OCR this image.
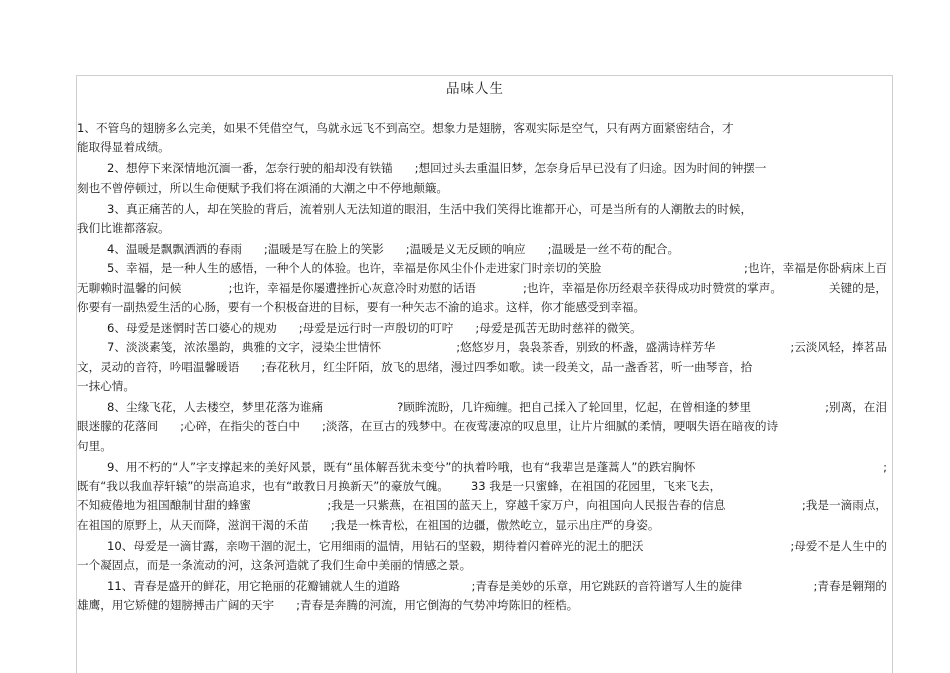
品味人生
1、不管鸟的翅膀多么完美，如果不凭借空气，鸟就永远飞不到高空。想象力是翅膀，客观实际是空气，只有两方面紧密结合，才
能取得显着成绩。
2、想停下来深情地沉湎一番，怎奈行驶的船却没有铁锚 ;想回过头去重温旧梦，怎奈身后早已没有了归途。因为时间的钟摆一
刻也不曾停顿过，所以生命便赋予我们将在澒涌的大潮之中不停地颠簸。
3、真正痛苦的人，却在笑脸的背后，流着别人无法知道的眼泪，生活中我们笑得比谁都开心，可是当所有的人潮散去的时候，
我们比谁都落寂。
4、温暖是飘飘洒洒的春雨 ;温暖是写在脸上的笑影 ;温暖是义无反顾的响应 ;温暖是一丝不苟的配合。
5、幸福，是一种人生的感悟，一种个人的体验。也许，幸福是你风尘仆仆走进家门时亲切的笑脸	;也许，幸福是你卧病床上百
无聊赖时温馨的问候	;也许，幸福是你屡遭挫折心灰意冷时劝慰的话语	;也许，幸福是你历经艰辛获得成功时赞赏的掌声。	关键的是，
你要有一副热爱生活的心肠，要有一个积极奋进的目标，要有一种矢志不渝的追求。这样，你才能感受到幸福。
6、母爱是迷惘时苦口婆心的规劝 ;母爱是远行时一声殷切的叮咛 ;母爱是孤苦无助时慈祥的微笑。
7、淡淡素笺，浓浓墨韵，典雅的文字，浸染尘世情怀	;悠悠岁月，袅袅茶香，别致的杯盏，盛满诗样芳华	;云淡风轻，捧茗品
文，灵动的音符，吟唱温馨暖语 ;春花秋月，红尘阡陌，放飞的思绪，漫过四季如歌。读一段美文，品一盏香茗，听一曲琴音，拾
一抹心情。
8、尘缘飞花，人去楼空，梦里花落为谁痛	?顾眸流盼，几许痴缠。把自己揉入了轮回里，忆起，在曾相逢的梦里	;别离，在泪
眼迷朦的花落间 ;心碎，在指尖的苍白中 ;淡落，在亘古的残梦中。在夜莺凄凉的叹息里，让片片细腻的柔情，哽咽失语在暗夜的诗
句里。
9、用不朽的“人”字支撑起来的美好风景，既有“虽体解吾犹未变兮”的执着吟哦，也有“我辈岂是蓬蒿人”的跌宕胸怀	;
既有“我以我血荐轩辕”的崇高追求，也有“敢教日月换新天”的豪放气魄。 33 我是一只蜜蜂，在祖国的花园里，飞来飞去，
不知疲倦地为祖国酿制甘甜的蜂蜜	;我是一只紫燕，在祖国的蓝天上，穿越千家万户，向祖国向人民报告春的信息	;我是一滴雨点，
在祖国的原野上，从天而降，滋润干渴的禾苗 ;我是一株青松，在祖国的边疆，傲然屹立，显示出庄严的身姿。
10、母爱是一滴甘露，亲吻干涸的泥土，它用细雨的温情，用钻石的坚毅，期待着闪着碎光的泥土的肥沃	;母爱不是人生中的
一个凝固点，而是一条流动的河，这条河造就了我们生命中美丽的情感之景。
11、青春是盛开的鲜花，用它艳丽的花瓣铺就人生的道路	;青春是美妙的乐章，用它跳跃的音符谱写人生的旋律	;青春是翱翔的
雄鹰，用它矫健的翅膀搏击广阔的天宇 ;青春是奔腾的河流，用它倒海的气势冲垮陈旧的桎梏。
